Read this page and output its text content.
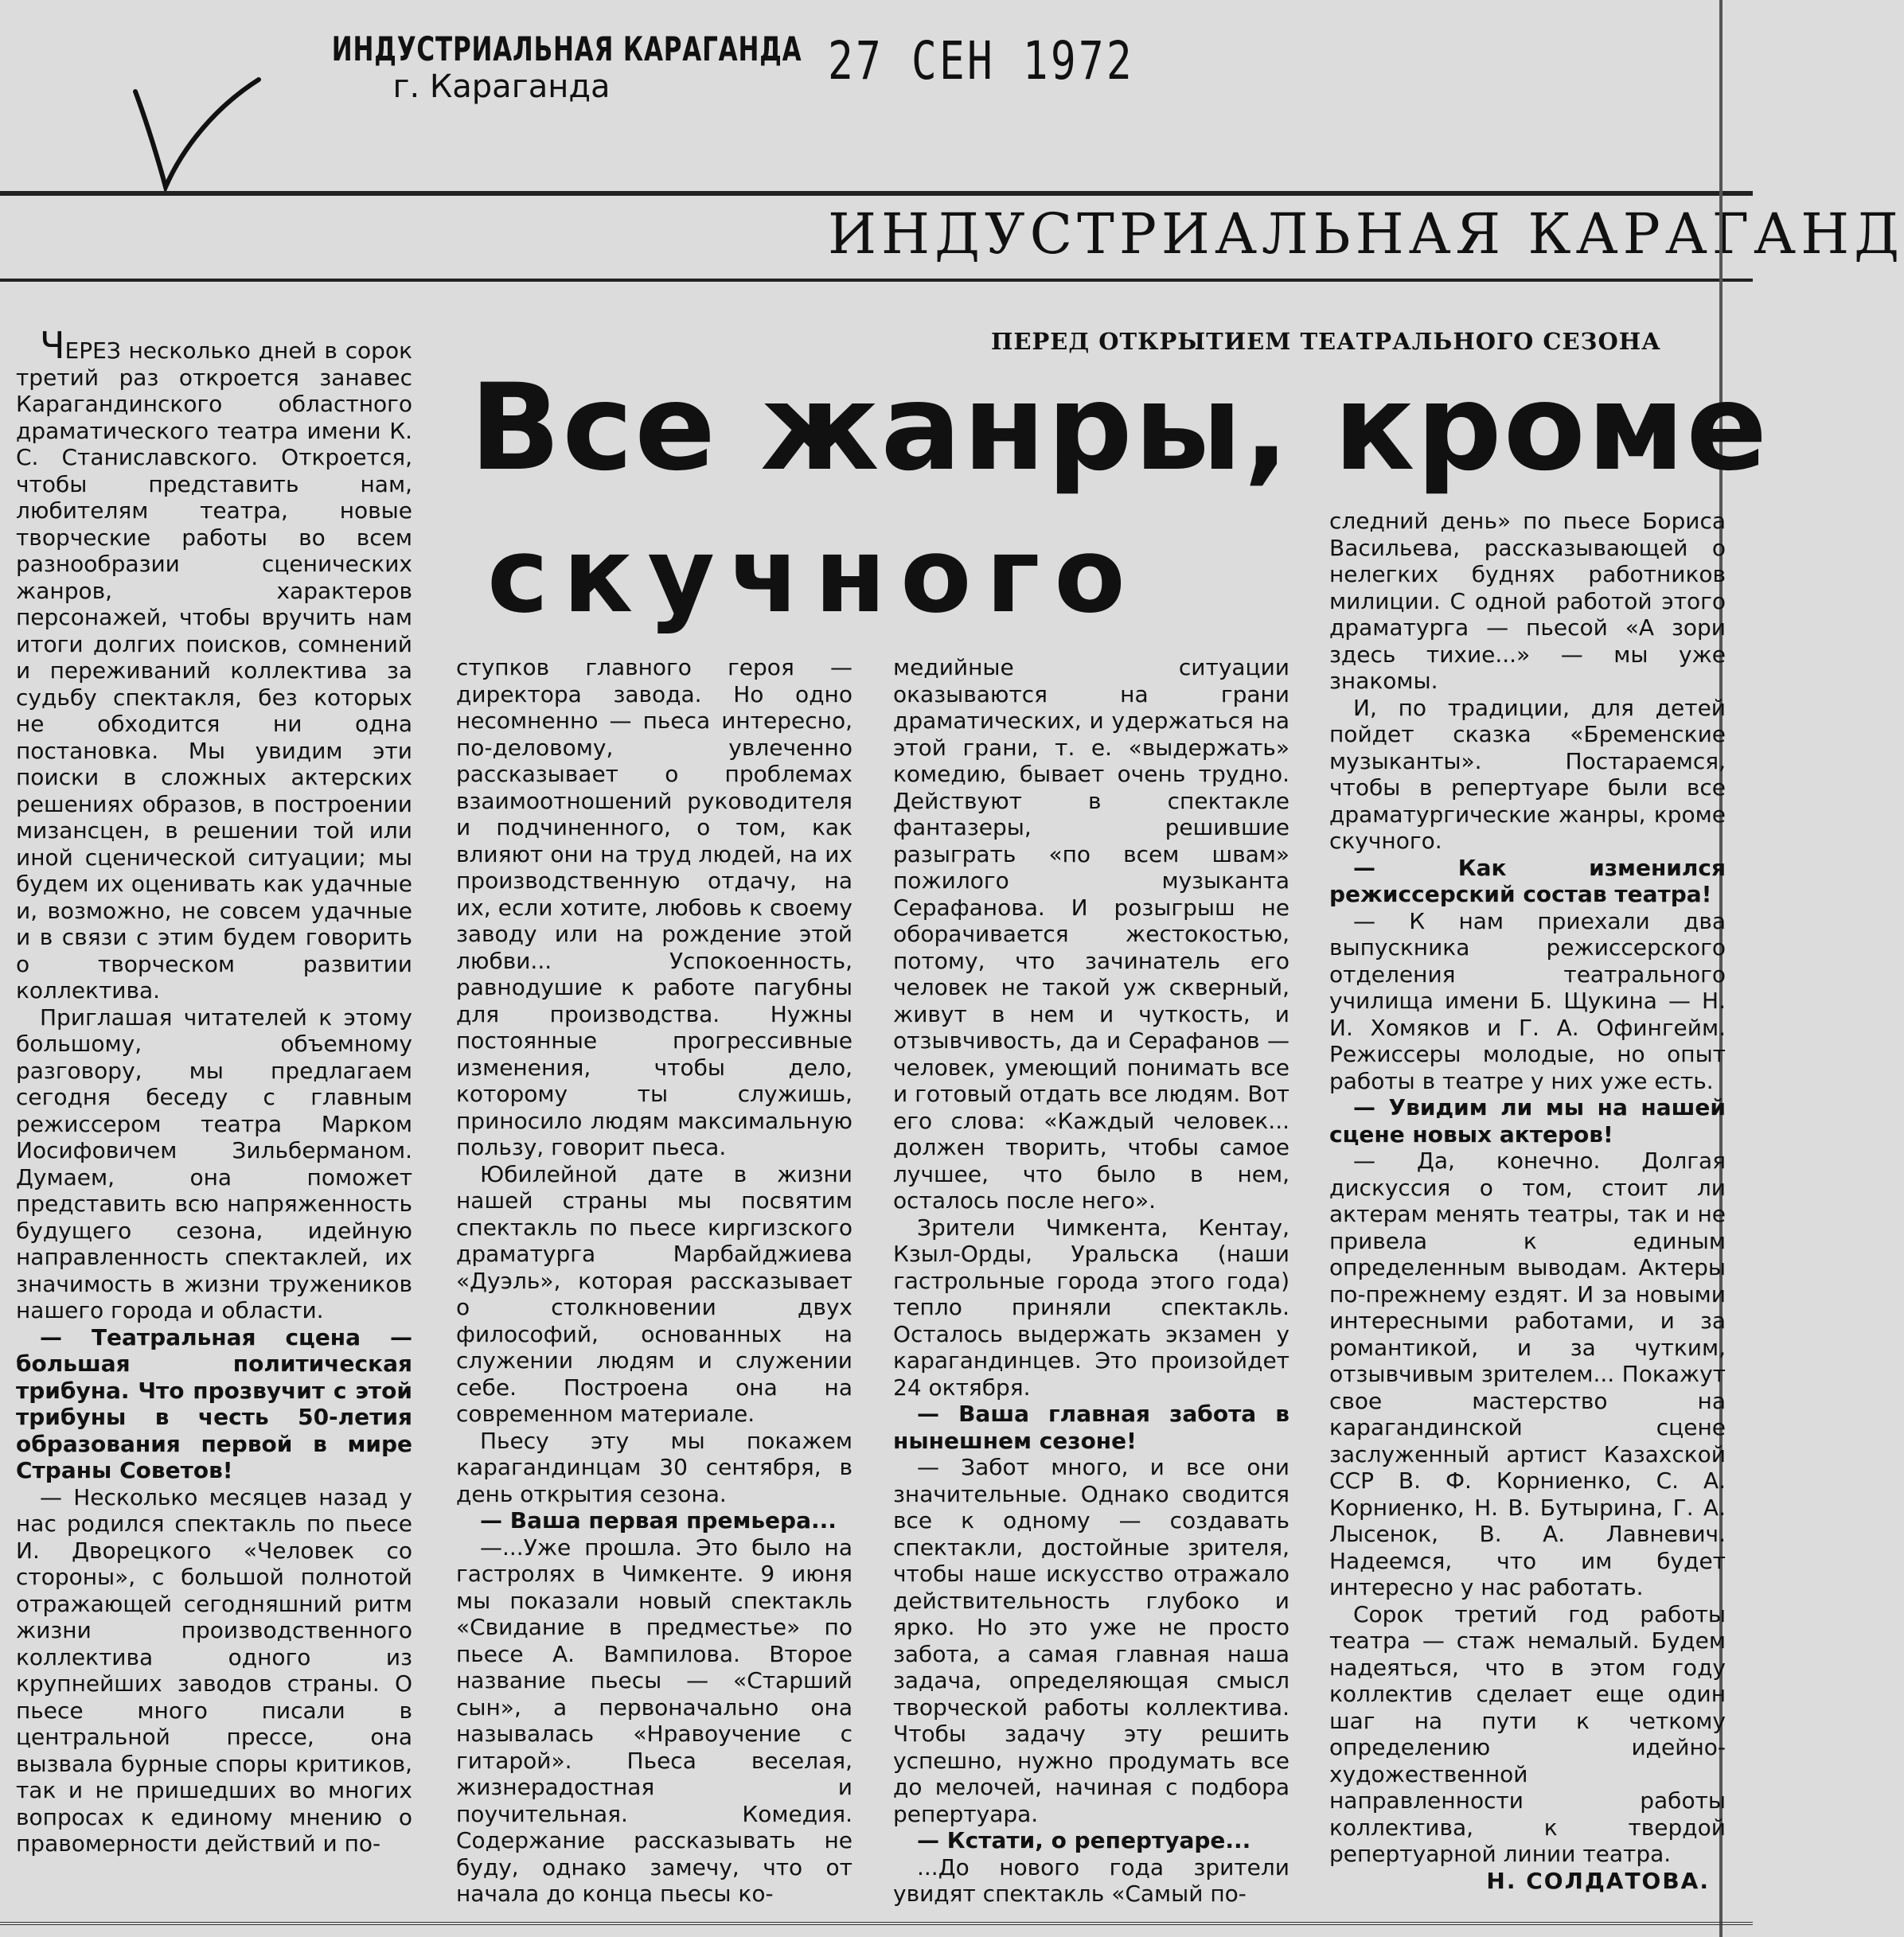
ИНДУСТРИАЛЬНАЯ КАРАГАНДА
г. Караганда	27 СЕН 1972
ИНДУСТРИАЛЬНАЯ КАРАГАНД
ПЕРЕД ОТКРЫТИЕМ ТЕАТРАЛЬНОГО СЕЗОНА
Все жанры, кроме
скучного

ЧЕРЕЗ несколько дней в сорок третий раз откроется занавес Карагандинского областного драматического театра имени К. С. Станиславского. Откроется, чтобы представить нам, любителям театра, новые творческие работы во всем разнообразии сценических жанров, характеров персонажей, чтобы вручить нам итоги долгих поисков, сомнений и переживаний коллектива за судьбу спектакля, без которых не обходится ни одна постановка. Мы увидим эти поиски в сложных актерских решениях образов, в построении мизансцен, в решении той или иной сценической ситуации; мы будем их оценивать как удачные и, возможно, не совсем удачные и в связи с этим будем говорить о творческом развитии коллектива.

Приглашая читателей к этому большому, объемному разговору, мы предлагаем сегодня беседу с главным режиссером театра Марком Иосифовичем Зильберманом. Думаем, она поможет представить всю напряженность будущего сезона, идейную направленность спектаклей, их значимость в жизни тружеников нашего города и области.

— Театральная сцена — большая политическая трибуна. Что прозвучит с этой трибуны в честь 50-летия образования первой в мире Страны Советов!

— Несколько месяцев назад у нас родился спектакль по пьесе И. Дворецкого «Человек со стороны», с большой полнотой отражающей сегодняшний ритм жизни производственного коллектива одного из крупнейших заводов страны. О пьесе много писали в центральной прессе, она вызвала бурные споры критиков, так и не пришедших во многих вопросах к единому мнению о правомерности действий и по-

ступков главного героя — директора завода. Но одно несомненно — пьеса интересно, по-деловому, увлеченно рассказывает о проблемах взаимоотношений руководителя и подчиненного, о том, как влияют они на труд людей, на их производственную отдачу, на их, если хотите, любовь к своему заводу или на рождение этой любви... Успокоенность, равнодушие к работе пагубны для производства. Нужны постоянные прогрессивные изменения, чтобы дело, которому ты служишь, приносило людям максимальную пользу, говорит пьеса.

Юбилейной дате в жизни нашей страны мы посвятим спектакль по пьесе киргизского драматурга Марбайджиева «Дуэль», которая рассказывает о столкновении двух философий, основанных на служении людям и служении себе. Построена она на современном материале.

Пьесу эту мы покажем карагандинцам 30 сентября, в день открытия сезона.

— Ваша первая премьера...

—...Уже прошла. Это было на гастролях в Чимкенте. 9 июня мы показали новый спектакль «Свидание в предместье» по пьесе А. Вампилова. Второе название пьесы — «Старший сын», а первоначально она называлась «Нравоучение с гитарой». Пьеса веселая, жизнерадостная и поучительная. Комедия. Содержание рассказывать не буду, однако замечу, что от начала до конца пьесы ко-

медийные ситуации оказываются на грани драматических, и удержаться на этой грани, т. е. «выдержать» комедию, бывает очень трудно. Действуют в спектакле фантазеры, решившие разыграть «по всем швам» пожилого музыканта Серафанова. И розыгрыш не оборачивается жестокостью, потому, что зачинатель его человек не такой уж скверный, живут в нем и чуткость, и отзывчивость, да и Серафанов — человек, умеющий понимать все и готовый отдать все людям. Вот его слова: «Каждый человек... должен творить, чтобы самое лучшее, что было в нем, осталось после него».

Зрители Чимкента, Кентау, Кзыл-Орды, Уральска (наши гастрольные города этого года) тепло приняли спектакль. Осталось выдержать экзамен у карагандинцев. Это произойдет 24 октября.

— Ваша главная забота в нынешнем сезоне!

— Забот много, и все они значительные. Однако сводится все к одному — создавать спектакли, достойные зрителя, чтобы наше искусство отражало действительность глубоко и ярко. Но это уже не просто забота, а самая главная наша задача, определяющая смысл творческой работы коллектива. Чтобы задачу эту решить успешно, нужно продумать все до мелочей, начиная с подбора репертуара.

— Кстати, о репертуаре...

...До нового года зрители увидят спектакль «Самый по-

следний день» по пьесе Бориса Васильева, рассказывающей о нелегких буднях работников милиции. С одной работой этого драматурга — пьесой «А зори здесь тихие...» — мы уже знакомы.

И, по традиции, для детей пойдет сказка «Бременские музыканты». Постараемся, чтобы в репертуаре были все драматургические жанры, кроме скучного.

— Как изменился режиссерский состав театра!

— К нам приехали два выпускника режиссерского отделения театрального училища имени Б. Щукина — Н. И. Хомяков и Г. А. Офингейм. Режиссеры молодые, но опыт работы в театре у них уже есть.

— Увидим ли мы на нашей сцене новых актеров!

— Да, конечно. Долгая дискуссия о том, стоит ли актерам менять театры, так и не привела к единым определенным выводам. Актеры по-прежнему ездят. И за новыми интересными работами, и за романтикой, и за чутким, отзывчивым зрителем... Покажут свое мастерство на карагандинской сцене заслуженный артист Казахской ССР В. Ф. Корниенко, С. А. Корниенко, Н. В. Бутырина, Г. А. Лысенок, В. А. Лавневич. Надеемся, что им будет интересно у нас работать.

Сорок третий год работы театра — стаж немалый. Будем надеяться, что в этом году коллектив сделает еще один шаг на пути к четкому определению идейно-художественной направленности работы коллектива, к твердой репертуарной линии театра.

Н. СОЛДАТОВА.
